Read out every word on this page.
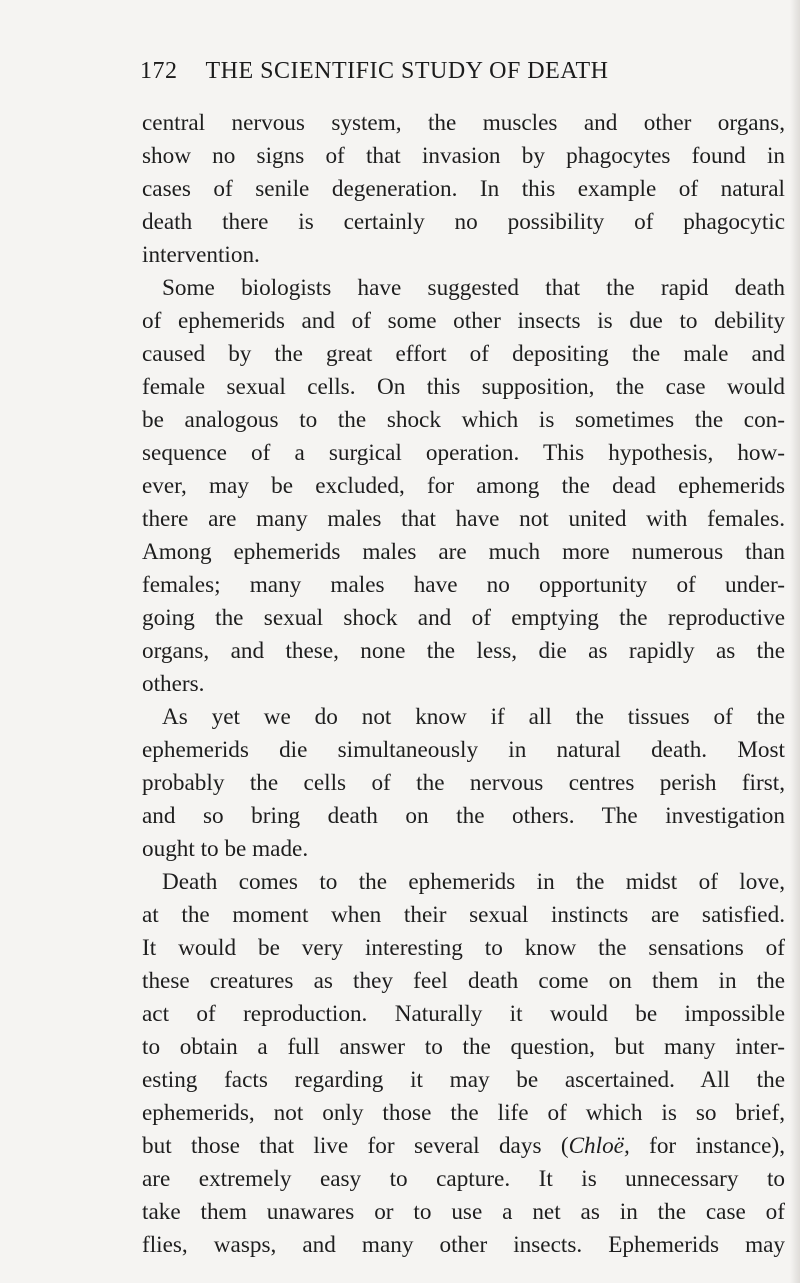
172 THE SCIENTIFIC STUDY OF DEATH

central nervous system, the muscles and other organs,
show no signs of that invasion by phagocytes found in
cases of senile degeneration. In this example of natural
death there is certainly no possibility of phagocytic
intervention.

Some biologists have suggested that the rapid death
of ephemerids and of some other insects is due to debility
caused by the great effort of depositing the male and
female sexual cells. On this supposition, the case would
be analogous to the shock which is sometimes the con-
sequence of a surgical operation. This hypothesis, how-
ever, may be excluded, for among the dead ephemerids
there are many males that have not united with females.
Among ephemerids males are much more numerous than
females; many males have no opportunity of under-
going the sexual shock and of emptying the reproductive
organs, and these, none the less, die as rapidly as the
others.

As yet we do not know if all the tissues of the
ephemerids die simultaneously in natural death. Most
probably the cells of the nervous centres perish first,
and so bring death on the others. The investigation
ought to be made.

Death comes to the ephemerids in the midst of love,
at the moment when their sexual instincts are satisfied.
It would be very interesting to know the sensations of
these creatures as they feel death come on them in the
act of reproduction. Naturally it would be impossible
to obtain a full answer to the question, but many inter-
esting facts regarding it may be ascertained. All the
ephemerids, not only those the life of which is so brief,
but those that live for several days (Chloë, for instance),
are extremely easy to capture. It is unnecessary to
take them unawares or to use a net as in the case of
flies, wasps, and many other insects. Ephemerids may
